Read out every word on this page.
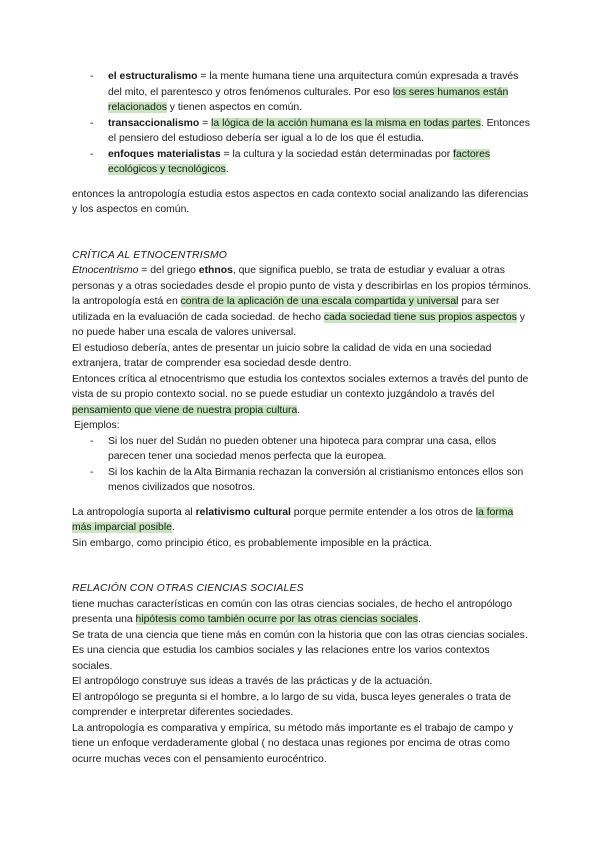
- el estructuralismo = la mente humana tiene una arquitectura común expresada a través del mito, el parentesco y otros fenómenos culturales. Por eso los seres humanos están relacionados y tienen aspectos en común.
- transaccionalismo = la lógica de la acción humana es la misma en todas partes. Entonces el pensiero del estudioso debería ser igual a lo de los que él estudia.
- enfoques materialistas = la cultura y la sociedad están determinadas por factores ecológicos y tecnológicos.

entonces la antropología estudia estos aspectos en cada contexto social analizando las diferencias y los aspectos en común.

CRÍTICA AL ETNOCENTRISMO

Etnocentrismo = del griego ethnos, que significa pueblo, se trata de estudiar y evaluar a otras personas y a otras sociedades desde el propio punto de vista y describirlas en los propios términos.

la antropología está en contra de la aplicación de una escala compartida y universal para ser utilizada en la evaluación de cada sociedad. de hecho cada sociedad tiene sus propios aspectos y no puede haber una escala de valores universal.

El estudioso debería, antes de presentar un juicio sobre la calidad de vida en una sociedad extranjera, tratar de comprender esa sociedad desde dentro.

Entonces crítica al etnocentrismo que estudia los contextos sociales externos a través del punto de vista de su propio contexto social. no se puede estudiar un contexto juzgándolo a través del pensamiento que viene de nuestra propia cultura.

Ejemplos:

- Si los nuer del Sudán no pueden obtener una hipoteca para comprar una casa, ellos parecen tener una sociedad menos perfecta que la europea.
- Si los kachin de la Alta Birmania rechazan la conversión al cristianismo entonces ellos son menos civilizados que nosotros.

La antropología suporta al relativismo cultural porque permite entender a los otros de la forma más imparcial posible.

Sin embargo, como principio ético, es probablemente imposible en la práctica.

RELACIÓN CON OTRAS CIENCIAS SOCIALES

tiene muchas características en común con las otras ciencias sociales, de hecho el antropólogo presenta una hipótesis como también ocurre por las otras ciencias sociales.

Se trata de una ciencia que tiene más en común con la historia que con las otras ciencias sociales. Es una ciencia que estudia los cambios sociales y las relaciones entre los varios contextos sociales.

El antropólogo construye sus ideas a través de las prácticas y de la actuación.

El antropólogo se pregunta si el hombre, a lo largo de su vida, busca leyes generales o trata de comprender e interpretar diferentes sociedades.

La antropología es comparativa y empírica, su método más importante es el trabajo de campo y tiene un enfoque verdaderamente global ( no destaca unas regiones por encima de otras como ocurre muchas veces con el pensamiento eurocéntrico.
